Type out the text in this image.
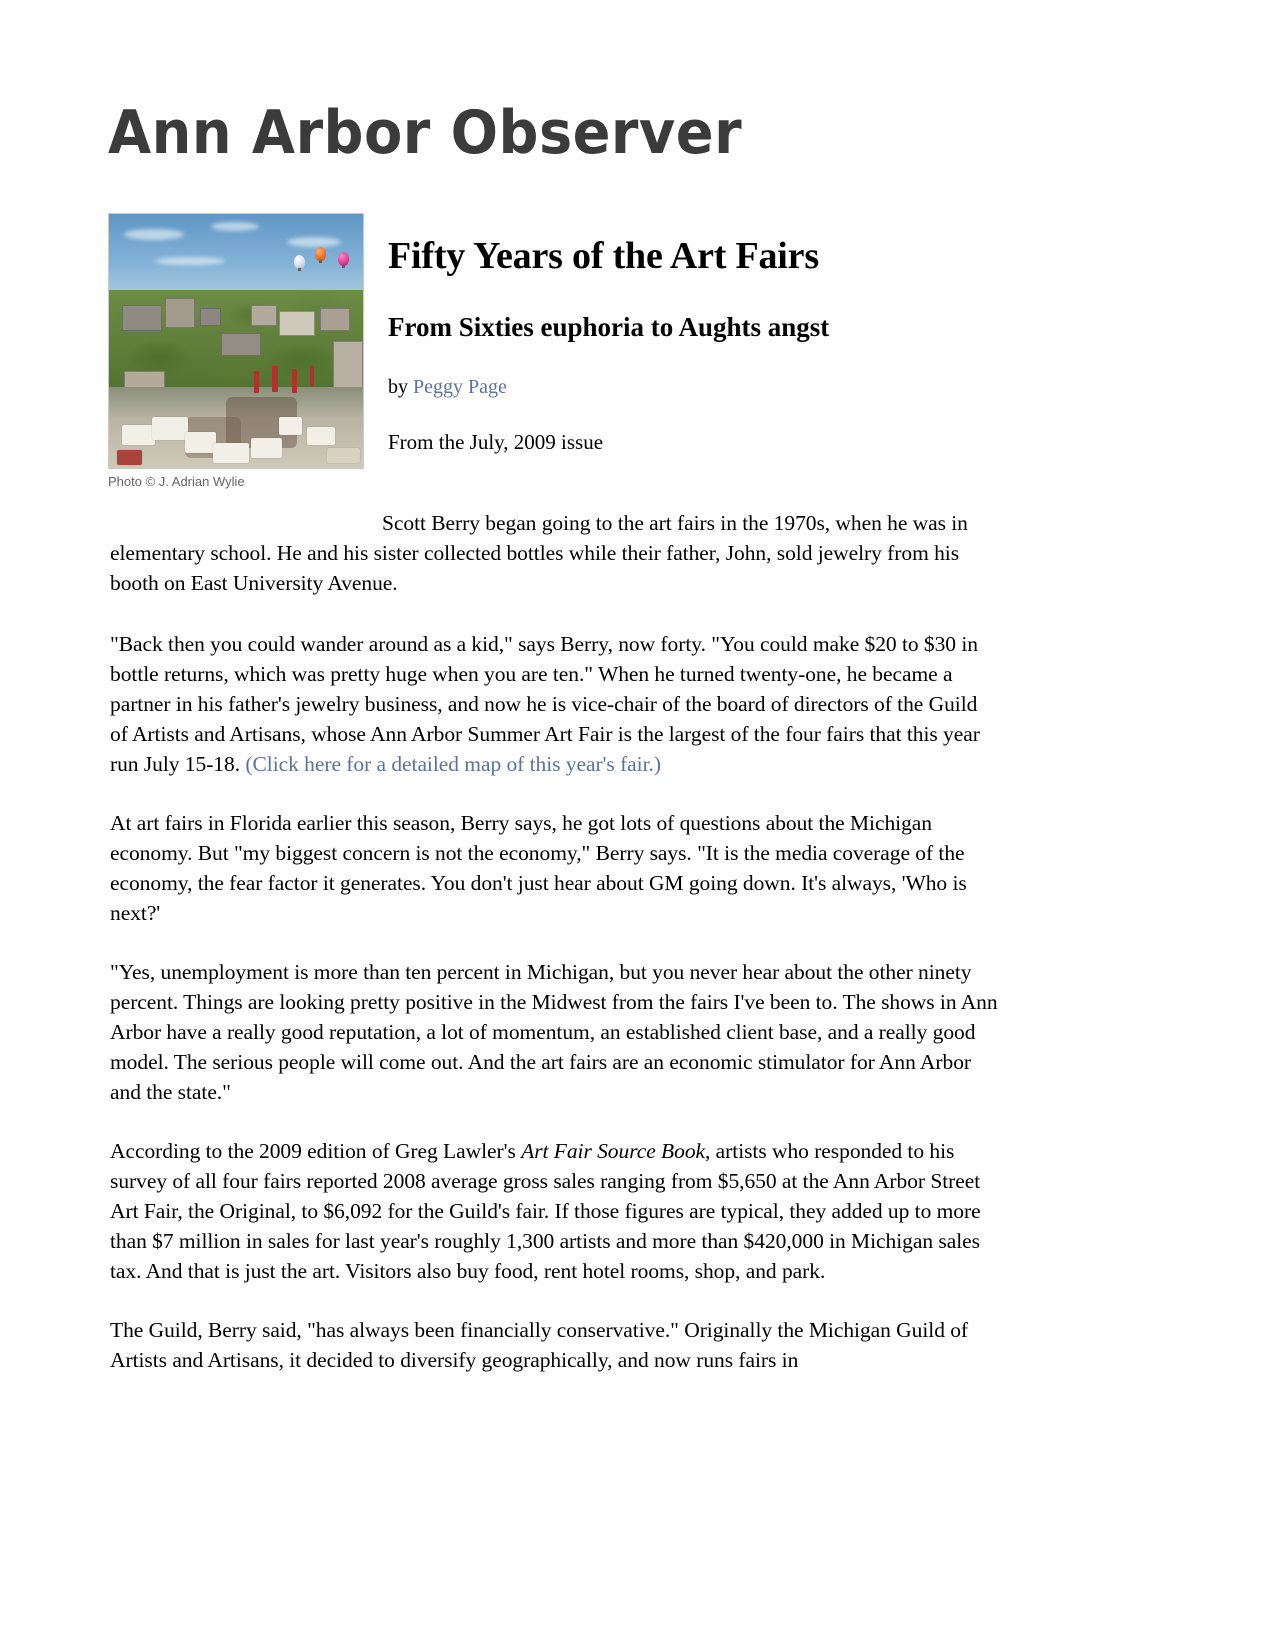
Ann Arbor Observer
Photo © J. Adrian Wylie
Fifty Years of the Art Fairs
From Sixties euphoria to Aughts angst
by Peggy Page
From the July, 2009 issue

Scott Berry began going to the art fairs in the 1970s, when he was in elementary school. He and his sister collected bottles while their father, John, sold jewelry from his booth on East University Avenue.

"Back then you could wander around as a kid," says Berry, now forty. "You could make $20 to $30 in bottle returns, which was pretty huge when you are ten." When he turned twenty-one, he became a partner in his father's jewelry business, and now he is vice-chair of the board of directors of the Guild of Artists and Artisans, whose Ann Arbor Summer Art Fair is the largest of the four fairs that this year run July 15-18. (Click here for a detailed map of this year's fair.)

At art fairs in Florida earlier this season, Berry says, he got lots of questions about the Michigan economy. But "my biggest concern is not the economy," Berry says. "It is the media coverage of the economy, the fear factor it generates. You don't just hear about GM going down. It's always, 'Who is next?'

"Yes, unemployment is more than ten percent in Michigan, but you never hear about the other ninety percent. Things are looking pretty positive in the Midwest from the fairs I've been to. The shows in Ann Arbor have a really good reputation, a lot of momentum, an established client base, and a really good model. The serious people will come out. And the art fairs are an economic stimulator for Ann Arbor and the state."

According to the 2009 edition of Greg Lawler's Art Fair Source Book, artists who responded to his survey of all four fairs reported 2008 average gross sales ranging from $5,650 at the Ann Arbor Street Art Fair, the Original, to $6,092 for the Guild's fair. If those figures are typical, they added up to more than $7 million in sales for last year's roughly 1,300 artists and more than $420,000 in Michigan sales tax. And that is just the art. Visitors also buy food, rent hotel rooms, shop, and park.

The Guild, Berry said, "has always been financially conservative." Originally the Michigan Guild of Artists and Artisans, it decided to diversify geographically, and now runs fairs in
